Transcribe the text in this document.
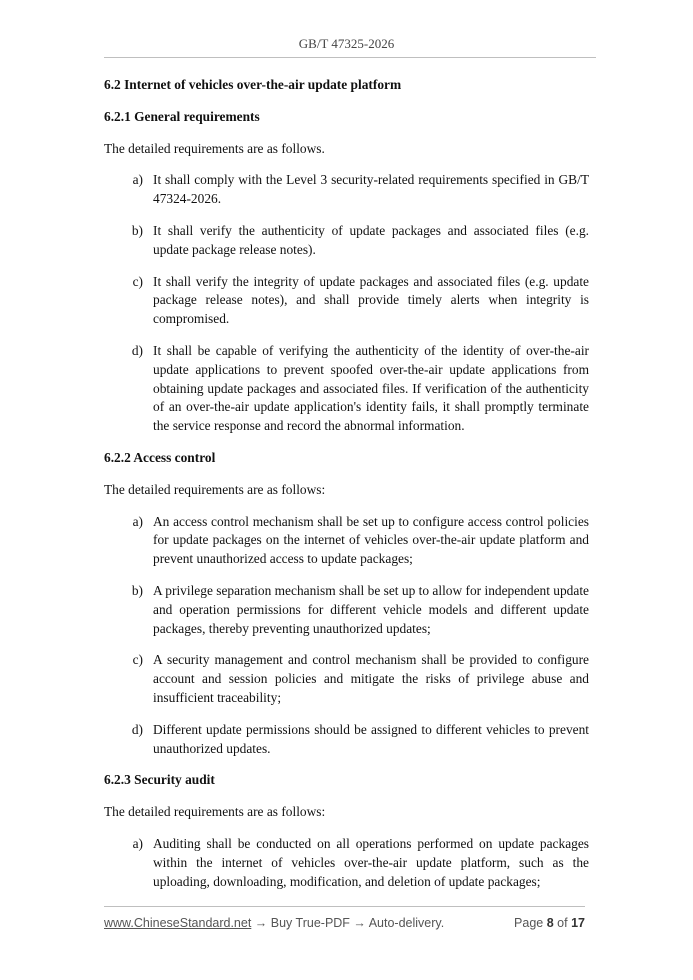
GB/T 47325-2026

6.2 Internet of vehicles over-the-air update platform

6.2.1 General requirements

The detailed requirements are as follows.

a) It shall comply with the Level 3 security-related requirements specified in GB/T 47324-2026.
b) It shall verify the authenticity of update packages and associated files (e.g. update package release notes).
c) It shall verify the integrity of update packages and associated files (e.g. update package release notes), and shall provide timely alerts when integrity is compromised.
d) It shall be capable of verifying the authenticity of the identity of over-the-air update applications to prevent spoofed over-the-air update applications from obtaining update packages and associated files. If verification of the authenticity of an over-the-air update application's identity fails, it shall promptly terminate the service response and record the abnormal information.

6.2.2 Access control

The detailed requirements are as follows:

a) An access control mechanism shall be set up to configure access control policies for update packages on the internet of vehicles over-the-air update platform and prevent unauthorized access to update packages;
b) A privilege separation mechanism shall be set up to allow for independent update and operation permissions for different vehicle models and different update packages, thereby preventing unauthorized updates;
c) A security management and control mechanism shall be provided to configure account and session policies and mitigate the risks of privilege abuse and insufficient traceability;
d) Different update permissions should be assigned to different vehicles to prevent unauthorized updates.

6.2.3 Security audit

The detailed requirements are as follows:

a) Auditing shall be conducted on all operations performed on update packages within the internet of vehicles over-the-air update platform, such as the uploading, downloading, modification, and deletion of update packages;
www.ChineseStandard.net → Buy True-PDF → Auto-delivery.	Page 8 of 17
